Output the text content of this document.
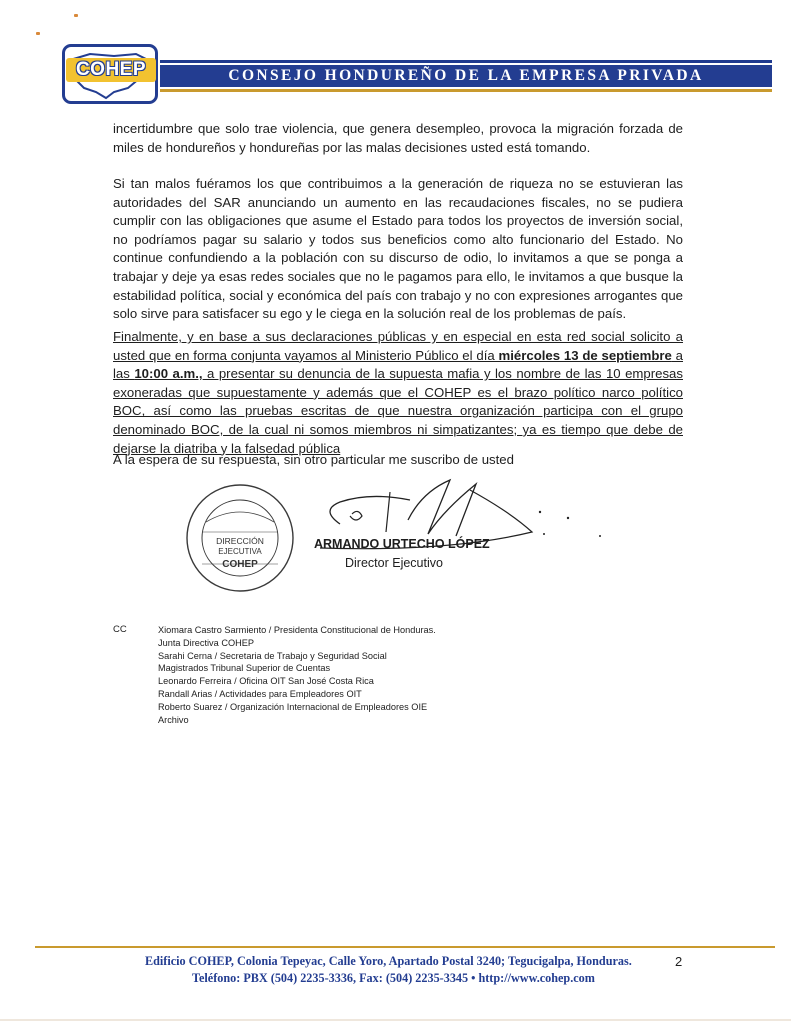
CONSEJO HONDUREÑO DE LA EMPRESA PRIVADA
COHEP

incertidumbre que solo trae violencia, que genera desempleo, provoca la migración forzada de miles de hondureños y hondureñas por las malas decisiones usted está tomando.

Si tan malos fuéramos los que contribuimos a la generación de riqueza no se estuvieran las autoridades del SAR anunciando un aumento en las recaudaciones fiscales, no se pudiera cumplir con las obligaciones que asume el Estado para todos los proyectos de inversión social, no podríamos pagar su salario y todos sus beneficios como alto funcionario del Estado. No continue confundiendo a la población con su discurso de odio, lo invitamos a que se ponga a trabajar y deje ya esas redes sociales que no le pagamos para ello, le invitamos a que busque la estabilidad política, social y económica del país con trabajo y no con expresiones arrogantes que solo sirve para satisfacer su ego y le ciega en la solución real de los problemas de país.

Finalmente, y en base a sus declaraciones públicas y en especial en esta red social solicito a usted que en forma conjunta vayamos al Ministerio Público el día miércoles 13 de septiembre a las 10:00 a.m., a presentar su denuncia de la supuesta mafia y los nombre de las 10 empresas exoneradas que supuestamente y además que el COHEP es el brazo político narco político BOC, así como las pruebas escritas de que nuestra organización participa con el grupo denominado BOC, de la cual ni somos miembros ni simpatizantes; ya es tiempo que debe de dejarse la diatriba y la falsedad pública

A la espera de su respuesta, sin otro particular me suscribo de usted

DIRECCIÓN
EJECUTIVA
COHEP
ARMANDO URTECHO LÓPEZ
Director Ejecutivo
CC	Xiomara Castro Sarmiento / Presidenta Constitucional de Honduras.
Junta Directiva COHEP
Sarahi Cerna / Secretaria de Trabajo y Seguridad Social
Magistrados Tribunal Superior de Cuentas
Leonardo Ferreira / Oficina OIT San José Costa Rica
Randall Arias / Actividades para Empleadores OIT
Roberto Suarez / Organización Internacional de Empleadores OIE
Archivo
Edificio COHEP, Colonia Tepeyac, Calle Yoro, Apartado Postal 3240; Tegucigalpa, Honduras.	2
Teléfono: PBX (504) 2235-3336, Fax: (504) 2235-3345 • http://www.cohep.com
